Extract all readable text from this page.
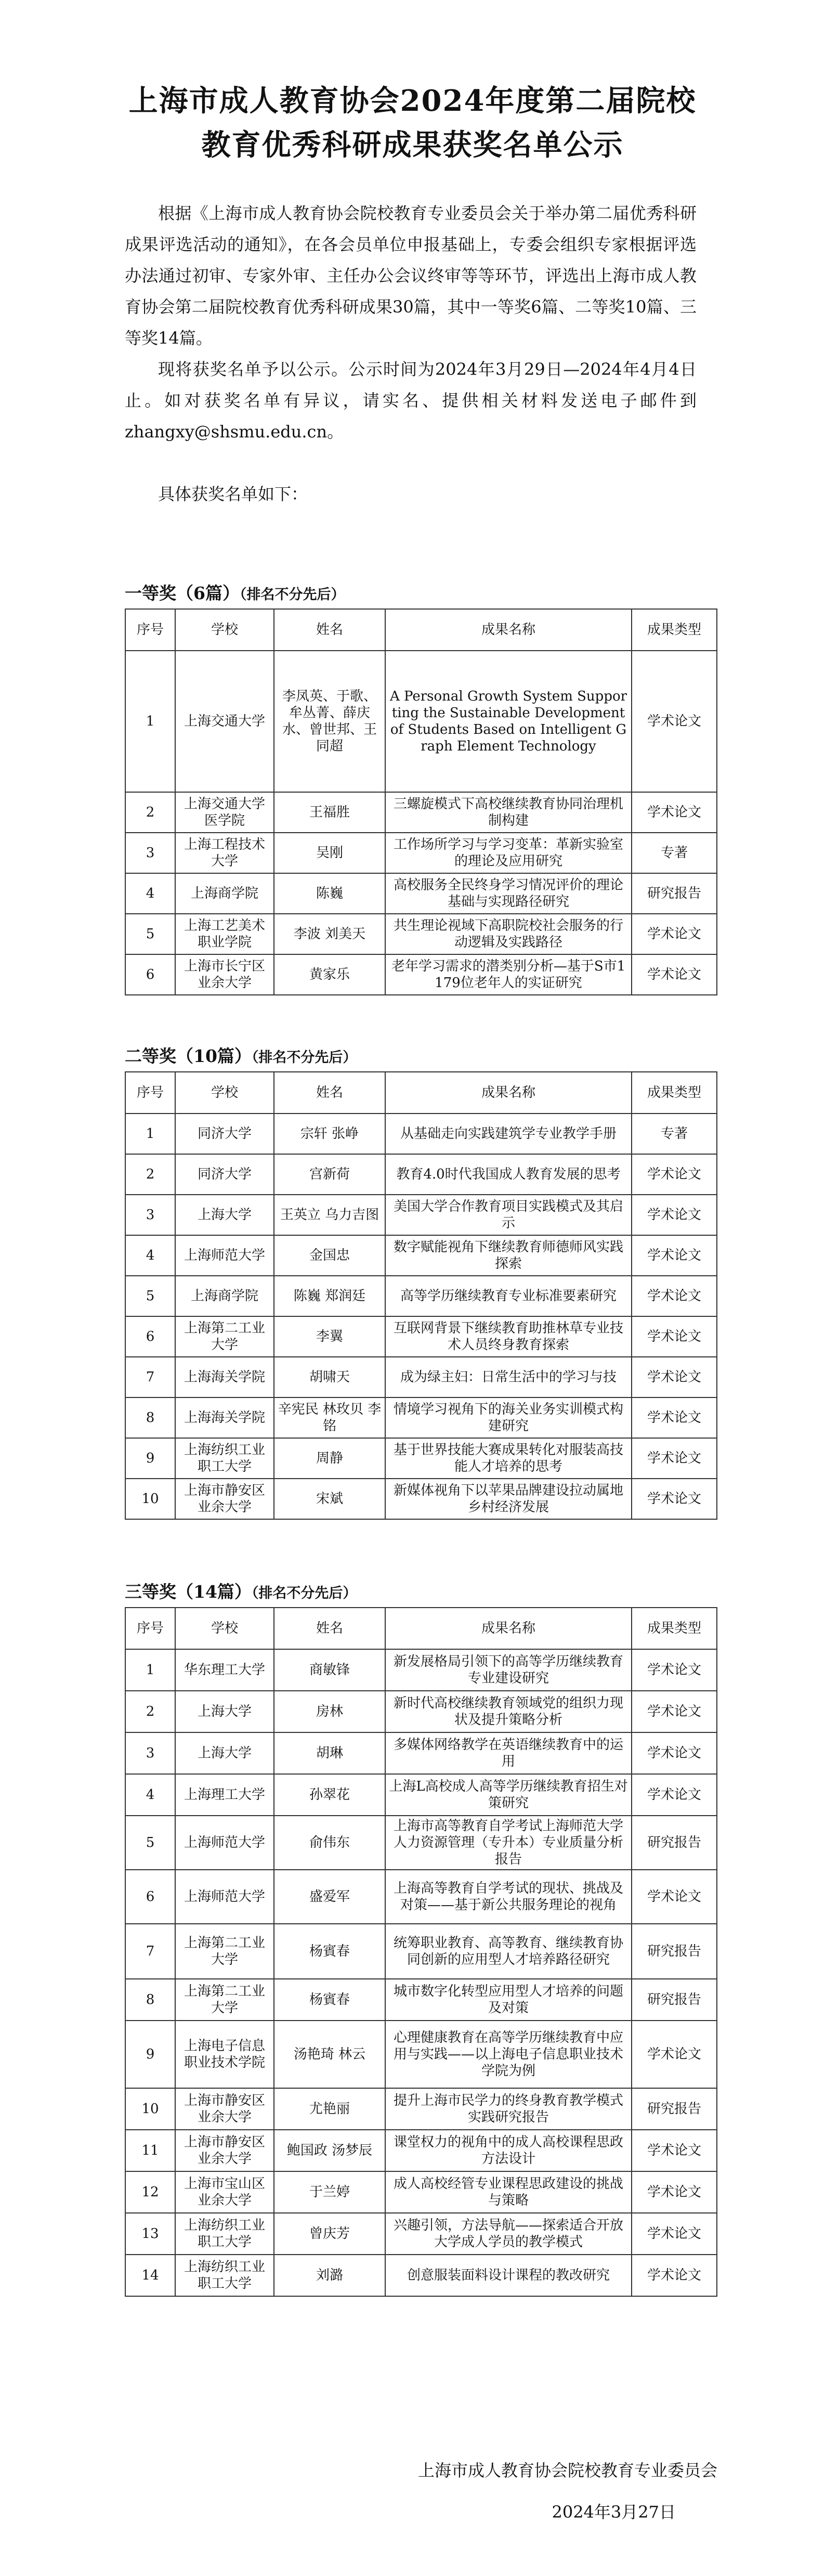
上海市成人教育协会2024年度第二届院校
教育优秀科研成果获奖名单公示
根据《上海市成人教育协会院校教育专业委员会关于举办第二届优秀科研成果评选活动的通知》，在各会员单位申报基础上，专委会组织专家根据评选办法通过初审、专家外审、主任办公会议终审等等环节，评选出上海市成人教育协会第二届院校教育优秀科研成果30篇，其中一等奖6篇、二等奖10篇、三等奖14篇。
现将获奖名单予以公示。公示时间为2024年3月29日—2024年4月4日止。如对获奖名单有异议，请实名、提供相关材料发送电子邮件到 zhangxy@shsmu.edu.cn。
具体获奖名单如下：
一等奖（6篇）（排名不分先后）
序号	学校	姓名	成果名称	成果类型
1	上海交通大学	李凤英、于歌、牟丛菁、薛庆水、曾世邦、王同超	A Personal Growth System Supporting the Sustainable Development of Students Based on Intelligent Graph Element Technology	学术论文
2	上海交通大学医学院	王福胜	三螺旋模式下高校继续教育协同治理机制构建	学术论文
3	上海工程技术大学	吴刚	工作场所学习与学习变革：革新实验室的理论及应用研究	专著
4	上海商学院	陈巍	高校服务全民终身学习情况评价的理论基础与实现路径研究	研究报告
5	上海工艺美术职业学院	李波 刘美天	共生理论视域下高职院校社会服务的行动逻辑及实践路径	学术论文
6	上海市长宁区业余大学	黄家乐	老年学习需求的潜类别分析—基于S市1179位老年人的实证研究	学术论文
二等奖（10篇）（排名不分先后）
序号	学校	姓名	成果名称	成果类型
1	同济大学	宗轩 张峥	从基础走向实践建筑学专业教学手册	专著
2	同济大学	宫新荷	教育4.0时代我国成人教育发展的思考	学术论文
3	上海大学	王英立 乌力吉图	美国大学合作教育项目实践模式及其启示	学术论文
4	上海师范大学	金国忠	数字赋能视角下继续教育师德师风实践探索	学术论文
5	上海商学院	陈巍 郑润廷	高等学历继续教育专业标准要素研究	学术论文
6	上海第二工业大学	李翼	互联网背景下继续教育助推林草专业技术人员终身教育探索	学术论文
7	上海海关学院	胡啸天	成为绿主妇：日常生活中的学习与技	学术论文
8	上海海关学院	辛宪民 林玫贝 李铭	情境学习视角下的海关业务实训模式构建研究	学术论文
9	上海纺织工业职工大学	周静	基于世界技能大赛成果转化对服装高技能人才培养的思考	学术论文
10	上海市静安区业余大学	宋斌	新媒体视角下以苹果品牌建设拉动属地乡村经济发展	学术论文
三等奖（14篇）（排名不分先后）
序号	学校	姓名	成果名称	成果类型
1	华东理工大学	商敏锋	新发展格局引领下的高等学历继续教育专业建设研究	学术论文
2	上海大学	房林	新时代高校继续教育领域党的组织力现状及提升策略分析	学术论文
3	上海大学	胡琳	多媒体网络教学在英语继续教育中的运用	学术论文
4	上海理工大学	孙翠花	上海L高校成人高等学历继续教育招生对策研究	学术论文
5	上海师范大学	俞伟东	上海市高等教育自学考试上海师范大学人力资源管理（专升本）专业质量分析报告	研究报告
6	上海师范大学	盛爱军	上海高等教育自学考试的现状、挑战及对策——基于新公共服务理论的视角	学术论文
7	上海第二工业大学	杨賓春	统筹职业教育、高等教育、继续教育协同创新的应用型人才培养路径研究	研究报告
8	上海第二工业大学	杨賓春	城市数字化转型应用型人才培养的问题及对策	研究报告
9	上海电子信息职业技术学院	汤艳琦 林云	心理健康教育在高等学历继续教育中应用与实践——以上海电子信息职业技术学院为例	学术论文
10	上海市静安区业余大学	尤艳丽	提升上海市民学力的终身教育教学模式实践研究报告	研究报告
11	上海市静安区业余大学	鲍国政 汤梦辰	课堂权力的视角中的成人高校课程思政方法设计	学术论文
12	上海市宝山区业余大学	于兰婷	成人高校经管专业课程思政建设的挑战与策略	学术论文
13	上海纺织工业职工大学	曾庆芳	兴趣引领，方法导航——探索适合开放大学成人学员的教学模式	学术论文
14	上海纺织工业职工大学	刘潞	创意服装面料设计课程的教改研究	学术论文
上海市成人教育协会院校教育专业委员会
2024年3月27日
